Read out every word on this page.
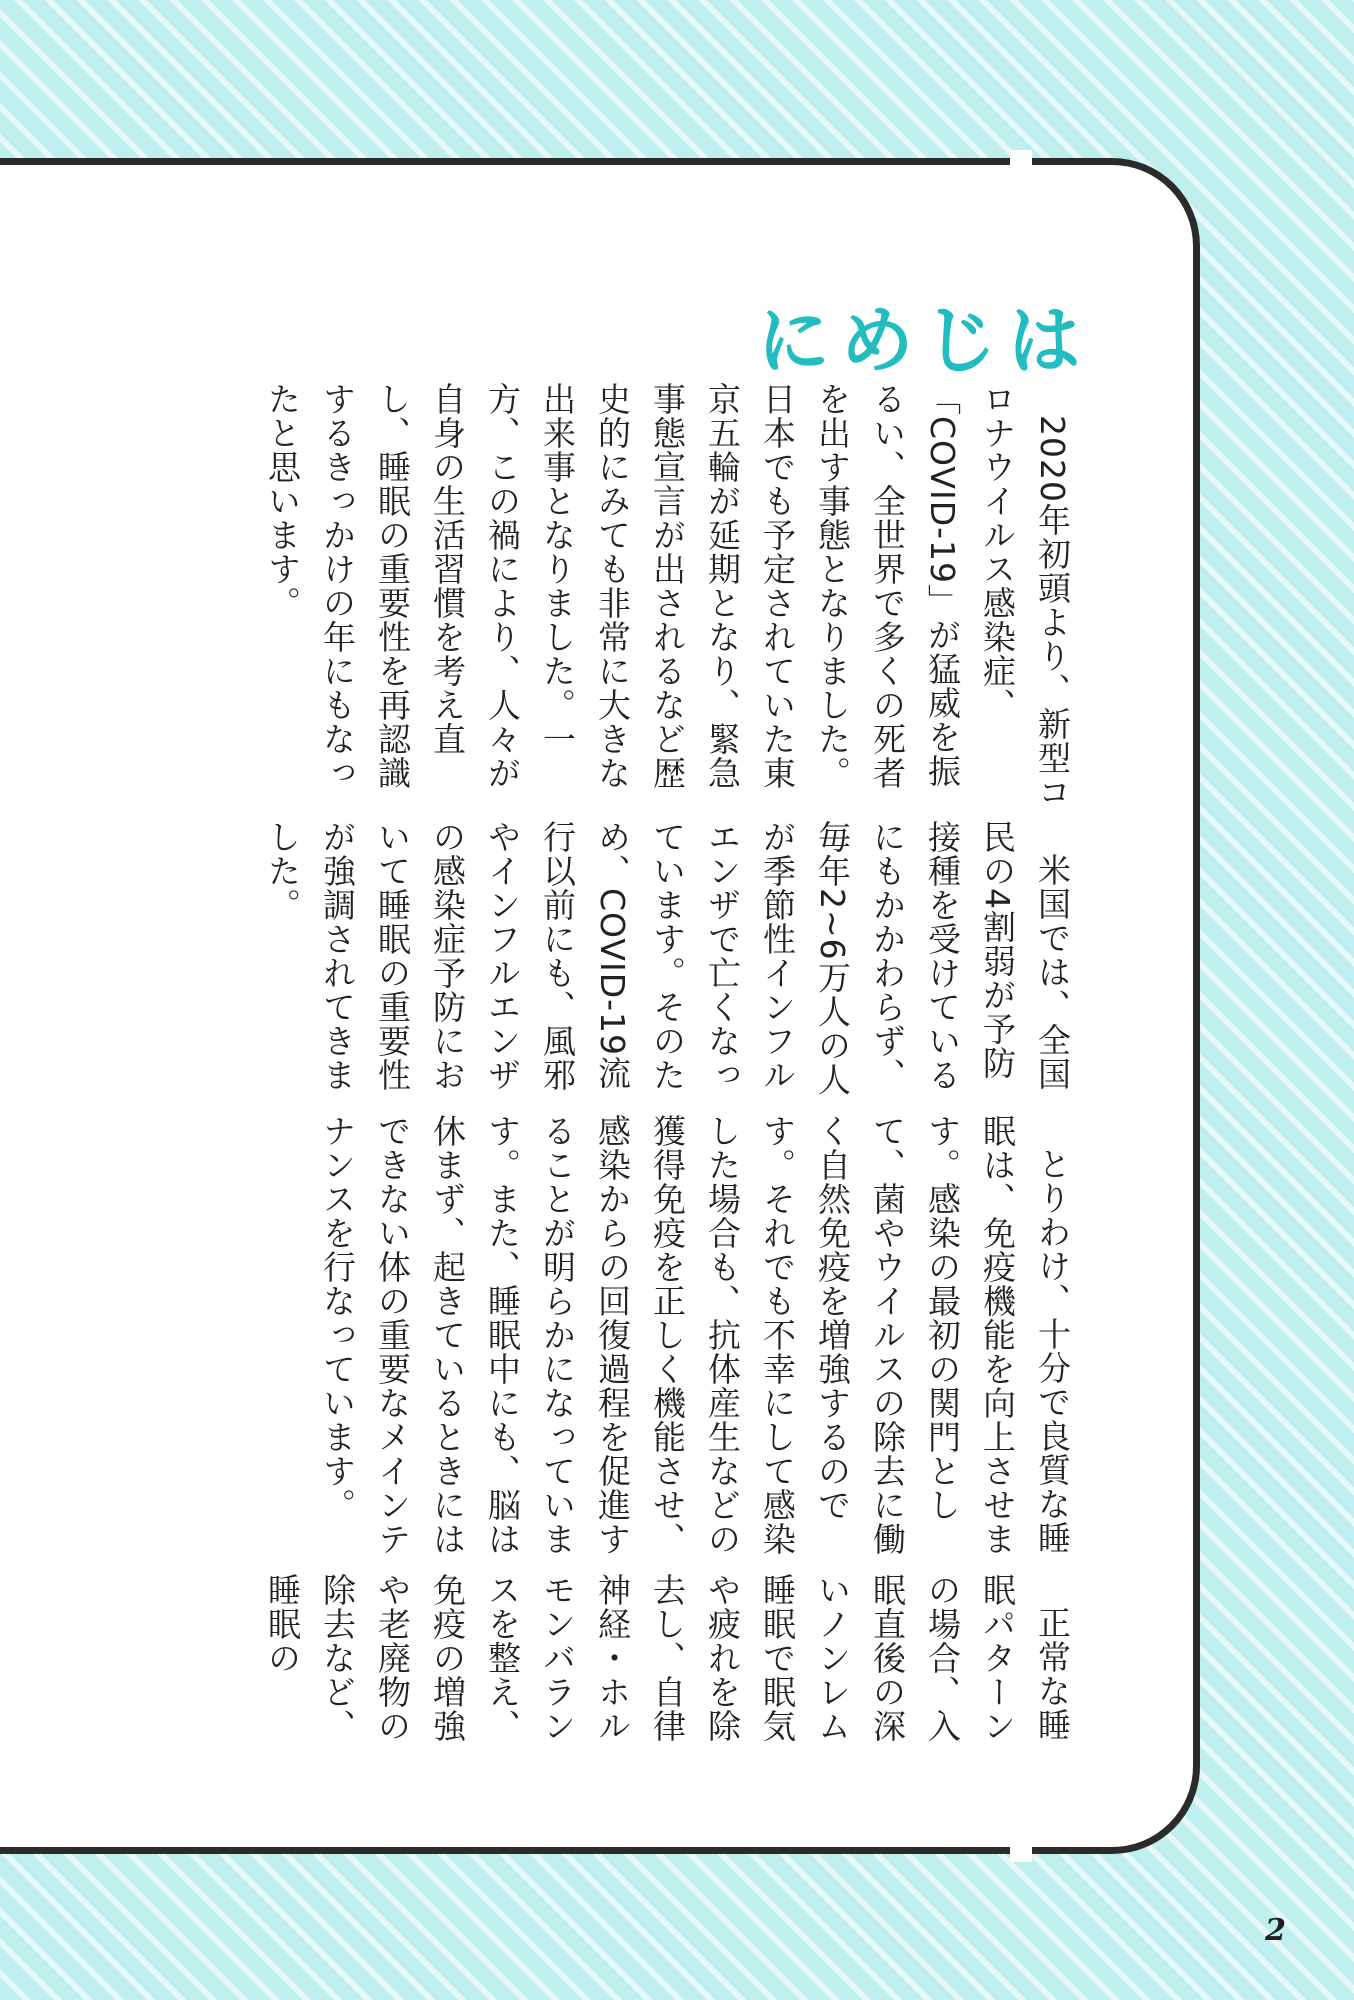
はじめに

2020年初頭より、新型コロナウイルス感染症、「COVID-19」が猛威を振るい、全世界で多くの死者を出す事態となりました。日本でも予定されていた東京五輪が延期となり、緊急事態宣言が出されるなど歴史的にみても非常に大きな出来事となりました。一方、この禍により、人々が自身の生活習慣を考え直し、睡眠の重要性を再認識するきっかけの年にもなったと思います。

米国では、全国民の4割弱が予防接種を受けているにもかかわらず、毎年2~6万人の人が季節性インフルエンザで亡くなっています。そのため、COVID-19流行以前にも、風邪やインフルエンザの感染症予防において睡眠の重要性が強調されてきました。

とりわけ、十分で良質な睡眠は、免疫機能を向上させます。感染の最初の関門として、菌やウイルスの除去に働く自然免疫を増強するのです。それでも不幸にして感染した場合も、抗体産生などの獲得免疫を正しく機能させ、感染からの回復過程を促進することが明らかになっています。また、睡眠中にも、脳は休まず、起きているときにはできない体の重要なメインテナンスを行なっています。

正常な睡眠パターンの場合、入眠直後の深いノンレム睡眠で眠気や疲れを除去し、自律神経・ホルモンバランスを整え、免疫の増強や老廃物の除去など、睡眠の

2
